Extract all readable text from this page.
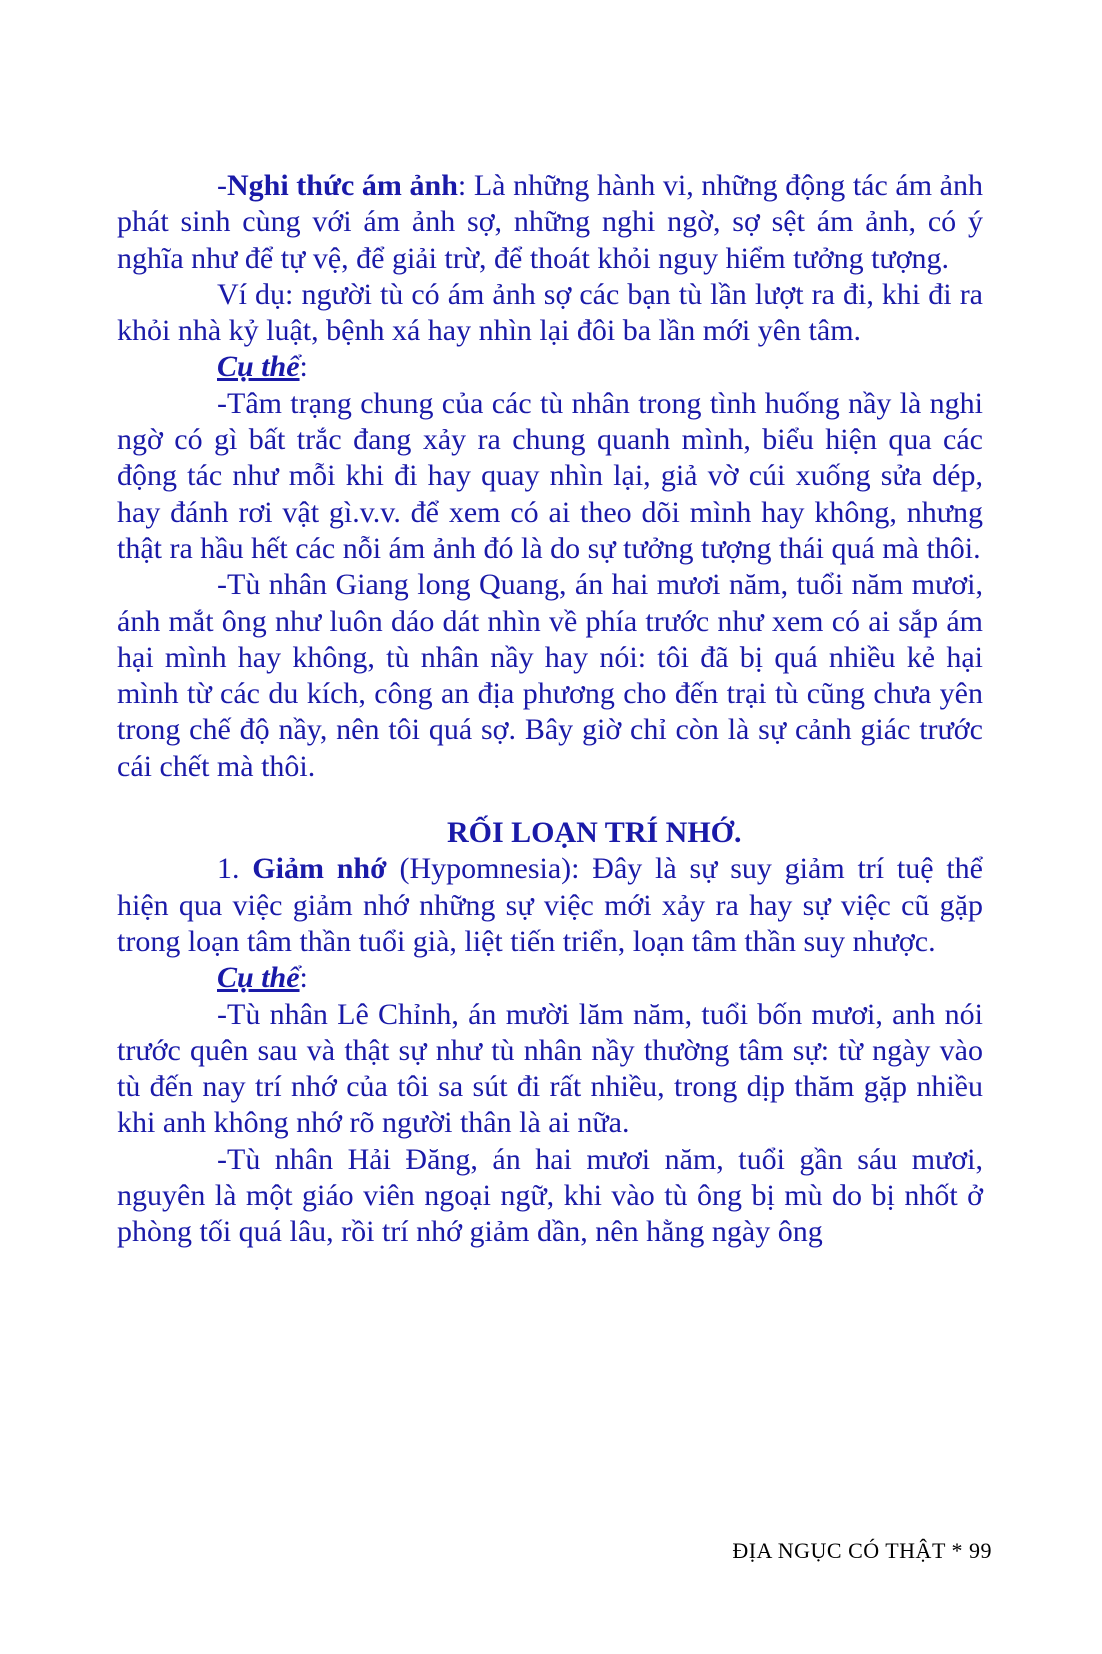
-Nghi thức ám ảnh: Là những hành vi, những động tác ám ảnh phát sinh cùng với ám ảnh sợ, những nghi ngờ, sợ sệt ám ảnh, có ý nghĩa như để tự vệ, để giải trừ, để thoát khỏi nguy hiểm tưởng tượng.

Ví dụ: người tù có ám ảnh sợ các bạn tù lần lượt ra đi, khi đi ra khỏi nhà kỷ luật, bệnh xá hay nhìn lại đôi ba lần mới yên tâm.

Cụ thể:

-Tâm trạng chung của các tù nhân trong tình huống nầy là nghi ngờ có gì bất trắc đang xảy ra chung quanh mình, biểu hiện qua các động tác như mỗi khi đi hay quay nhìn lại, giả vờ cúi xuống sửa dép, hay đánh rơi vật gì.v.v. để xem có ai theo dõi mình hay không, nhưng thật ra hầu hết các nỗi ám ảnh đó là do sự tưởng tượng thái quá mà thôi.

-Tù nhân Giang long Quang, án hai mươi năm, tuổi năm mươi, ánh mắt ông như luôn dáo dát nhìn về phía trước như xem có ai sắp ám hại mình hay không, tù nhân nầy hay nói: tôi đã bị quá nhiều kẻ hại mình từ các du kích, công an địa phương cho đến trại tù cũng chưa yên trong chế độ nầy, nên tôi quá sợ. Bây giờ chỉ còn là sự cảnh giác trước cái chết mà thôi.

RỐI LOẠN TRÍ NHỚ.

1. Giảm nhớ (Hypomnesia): Đây là sự suy giảm trí tuệ thể hiện qua việc giảm nhớ những sự việc mới xảy ra hay sự việc cũ gặp trong loạn tâm thần tuổi già, liệt tiến triển, loạn tâm thần suy nhược.

Cụ thể:

-Tù nhân Lê Chỉnh, án mười lăm năm, tuổi bốn mươi, anh nói trước quên sau và thật sự như tù nhân nầy thường tâm sự: từ ngày vào tù đến nay trí nhớ của tôi sa sút đi rất nhiều, trong dịp thăm gặp nhiều khi anh không nhớ rõ người thân là ai nữa.

-Tù nhân Hải Đăng, án hai mươi năm, tuổi gần sáu mươi, nguyên là một giáo viên ngoại ngữ, khi vào tù ông bị mù do bị nhốt ở phòng tối quá lâu, rồi trí nhớ giảm dần, nên hằng ngày ông

ĐỊA NGỤC CÓ THẬT * 99
